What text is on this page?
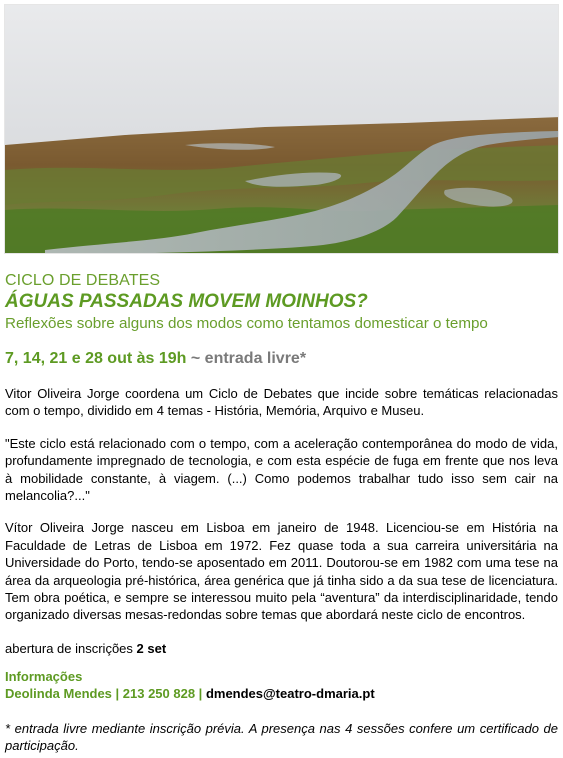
CICLO DE DEBATES
ÁGUAS PASSADAS MOVEM MOINHOS?
Reflexões sobre alguns dos modos como tentamos domesticar o tempo
7, 14, 21 e 28 out às 19h ~ entrada livre*
Vitor Oliveira Jorge coordena um Ciclo de Debates que incide sobre temáticas relacionadas com o tempo, dividido em 4 temas - História, Memória, Arquivo e Museu.
"Este ciclo está relacionado com o tempo, com a aceleração contemporânea do modo de vida, profundamente impregnado de tecnologia, e com esta espécie de fuga em frente que nos leva à mobilidade constante, à viagem. (...) Como podemos trabalhar tudo isso sem cair na melancolia?..."
Vítor Oliveira Jorge nasceu em Lisboa em janeiro de 1948. Licenciou-se em História na Faculdade de Letras de Lisboa em 1972. Fez quase toda a sua carreira universitária na Universidade do Porto, tendo-se aposentado em 2011. Doutorou-se em 1982 com uma tese na área da arqueologia pré-histórica, área genérica que já tinha sido a da sua tese de licenciatura. Tem obra poética, e sempre se interessou muito pela “aventura” da interdisciplinaridade, tendo organizado diversas mesas-redondas sobre temas que abordará neste ciclo de encontros.
abertura de inscrições 2 set
Informações
Deolinda Mendes | 213 250 828 | dmendes@teatro-dmaria.pt
* entrada livre mediante inscrição prévia. A presença nas 4 sessões confere um certificado de participação.
